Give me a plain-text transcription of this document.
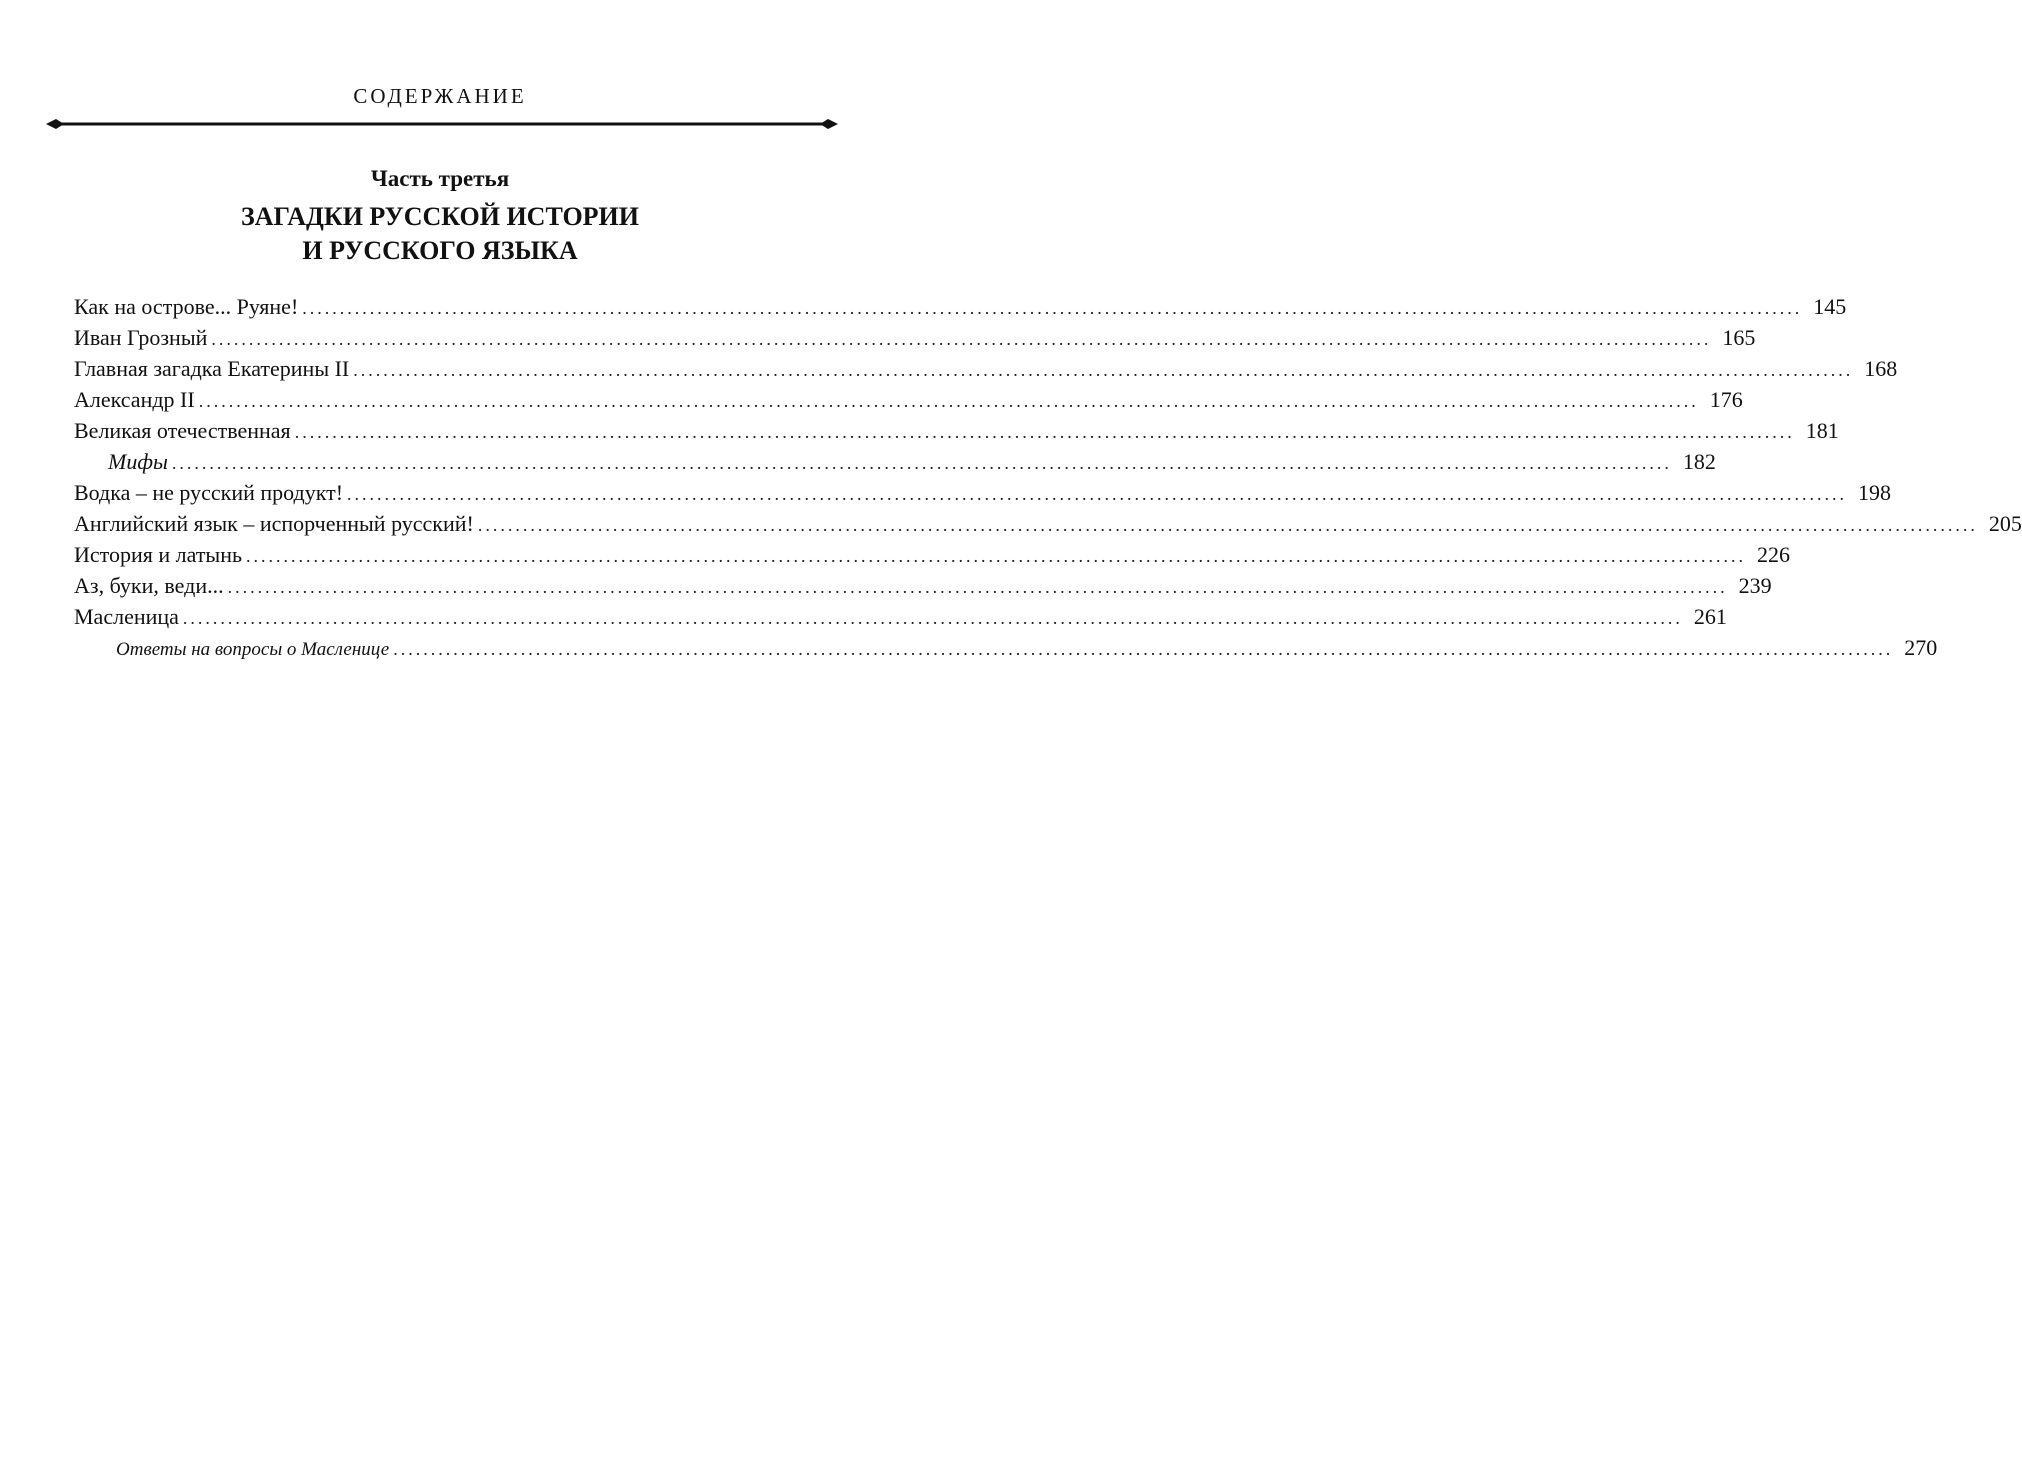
СОДЕРЖАНИЕ
Часть третья
ЗАГАДКИ РУССКОЙ ИСТОРИИ
И РУССКОГО ЯЗЫКА
Как на острове... Руяне! ........................................................................................................................................................................................................ 145
Иван Грозный ........................................................................................................................................................................................................ 165
Главная загадка Екатерины II ........................................................................................................................................................................................................ 168
Александр II ........................................................................................................................................................................................................ 176
Великая отечественная ........................................................................................................................................................................................................ 181
Мифы ........................................................................................................................................................................................................ 182
Водка – не русский продукт! ........................................................................................................................................................................................................ 198
Английский язык – испорченный русский! ........................................................................................................................................................................................................ 205
История и латынь ........................................................................................................................................................................................................ 226
Аз, буки, веди... ........................................................................................................................................................................................................ 239
Масленица ........................................................................................................................................................................................................ 261
Ответы на вопросы о Масленице ........................................................................................................................................................................................................ 270
